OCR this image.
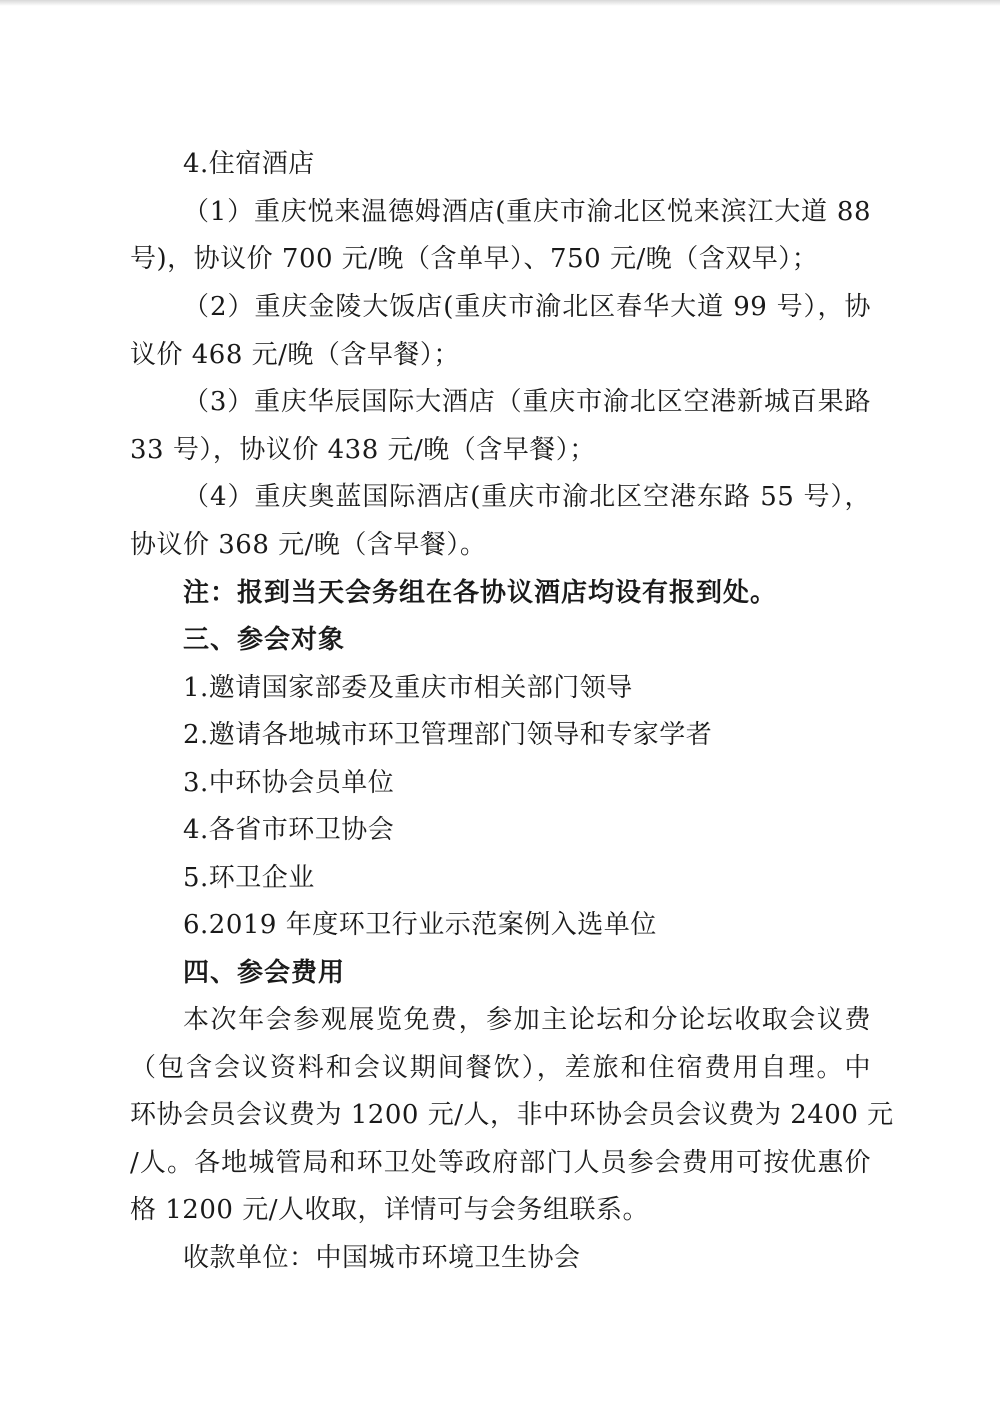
4.住宿酒店
（1）重庆悦来温德姆酒店(重庆市渝北区悦来滨江大道 88
号)，协议价 700 元/晚（含单早）、750 元/晚（含双早）；
（2）重庆金陵大饭店(重庆市渝北区春华大道 99 号），协
议价 468 元/晚（含早餐）；
（3）重庆华辰国际大酒店（重庆市渝北区空港新城百果路
33 号），协议价 438 元/晚（含早餐）；
（4）重庆奥蓝国际酒店(重庆市渝北区空港东路 55 号），
协议价 368 元/晚（含早餐）。
注：报到当天会务组在各协议酒店均设有报到处。
三、参会对象
1.邀请国家部委及重庆市相关部门领导
2.邀请各地城市环卫管理部门领导和专家学者
3.中环协会员单位
4.各省市环卫协会
5.环卫企业
6.2019 年度环卫行业示范案例入选单位
四、参会费用
本次年会参观展览免费，参加主论坛和分论坛收取会议费
（包含会议资料和会议期间餐饮），差旅和住宿费用自理。中
环协会员会议费为 1200 元/人，非中环协会员会议费为 2400 元
/人。各地城管局和环卫处等政府部门人员参会费用可按优惠价
格 1200 元/人收取，详情可与会务组联系。
收款单位：中国城市环境卫生协会
